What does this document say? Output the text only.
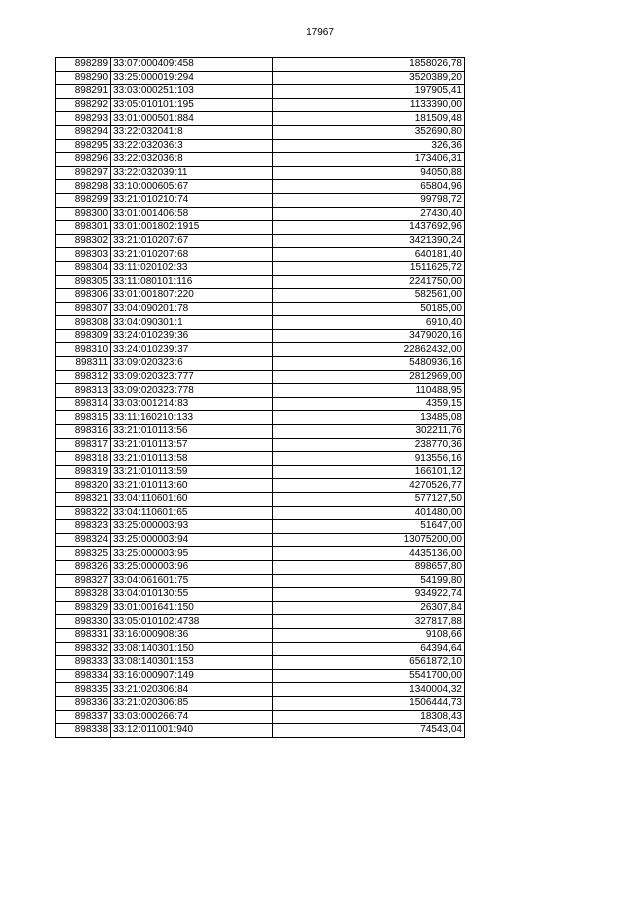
17967
898289	33:07:000409:458	1858026,78
898290	33:25:000019:294	3520389,20
898291	33:03:000251:103	197905,41
898292	33:05:010101:195	1133390,00
898293	33:01:000501:884	181509,48
898294	33:22:032041:8	352690,80
898295	33:22:032036:3	326,36
898296	33:22:032036:8	173406,31
898297	33:22:032039:11	94050,88
898298	33:10:000605:67	65804,96
898299	33:21:010210:74	99798,72
898300	33:01:001406:58	27430,40
898301	33:01:001802:1915	1437692,96
898302	33:21:010207:67	3421390,24
898303	33:21:010207:68	640181,40
898304	33:11:020102:33	1511625,72
898305	33:11:080101:116	2241750,00
898306	33:01:001807:220	582561,00
898307	33:04:090201:78	50185,00
898308	33:04:090301:1	6910,40
898309	33:24:010239:36	3479020,16
898310	33:24:010239:37	22862432,00
898311	33:09:020323:6	5480936,16
898312	33:09:020323:777	2812969,00
898313	33:09:020323:778	110488,95
898314	33:03:001214:83	4359,15
898315	33:11:160210:133	13485,08
898316	33:21:010113:56	302211,76
898317	33:21:010113:57	238770,36
898318	33:21:010113:58	913556,16
898319	33:21:010113:59	166101,12
898320	33:21:010113:60	4270526,77
898321	33:04:110601:60	577127,50
898322	33:04:110601:65	401480,00
898323	33:25:000003:93	51647,00
898324	33:25:000003:94	13075200,00
898325	33:25:000003:95	4435136,00
898326	33:25:000003:96	898657,80
898327	33:04:061601:75	54199,80
898328	33:04:010130:55	934922,74
898329	33:01:001641:150	26307,84
898330	33:05:010102:4738	327817,88
898331	33:16:000908:36	9108,66
898332	33:08:140301:150	64394,64
898333	33:08:140301:153	6561872,10
898334	33:16:000907:149	5541700,00
898335	33:21:020306:84	1340004,32
898336	33:21:020306:85	1506444,73
898337	33:03:000266:74	18308,43
898338	33:12:011001:940	74543,04
